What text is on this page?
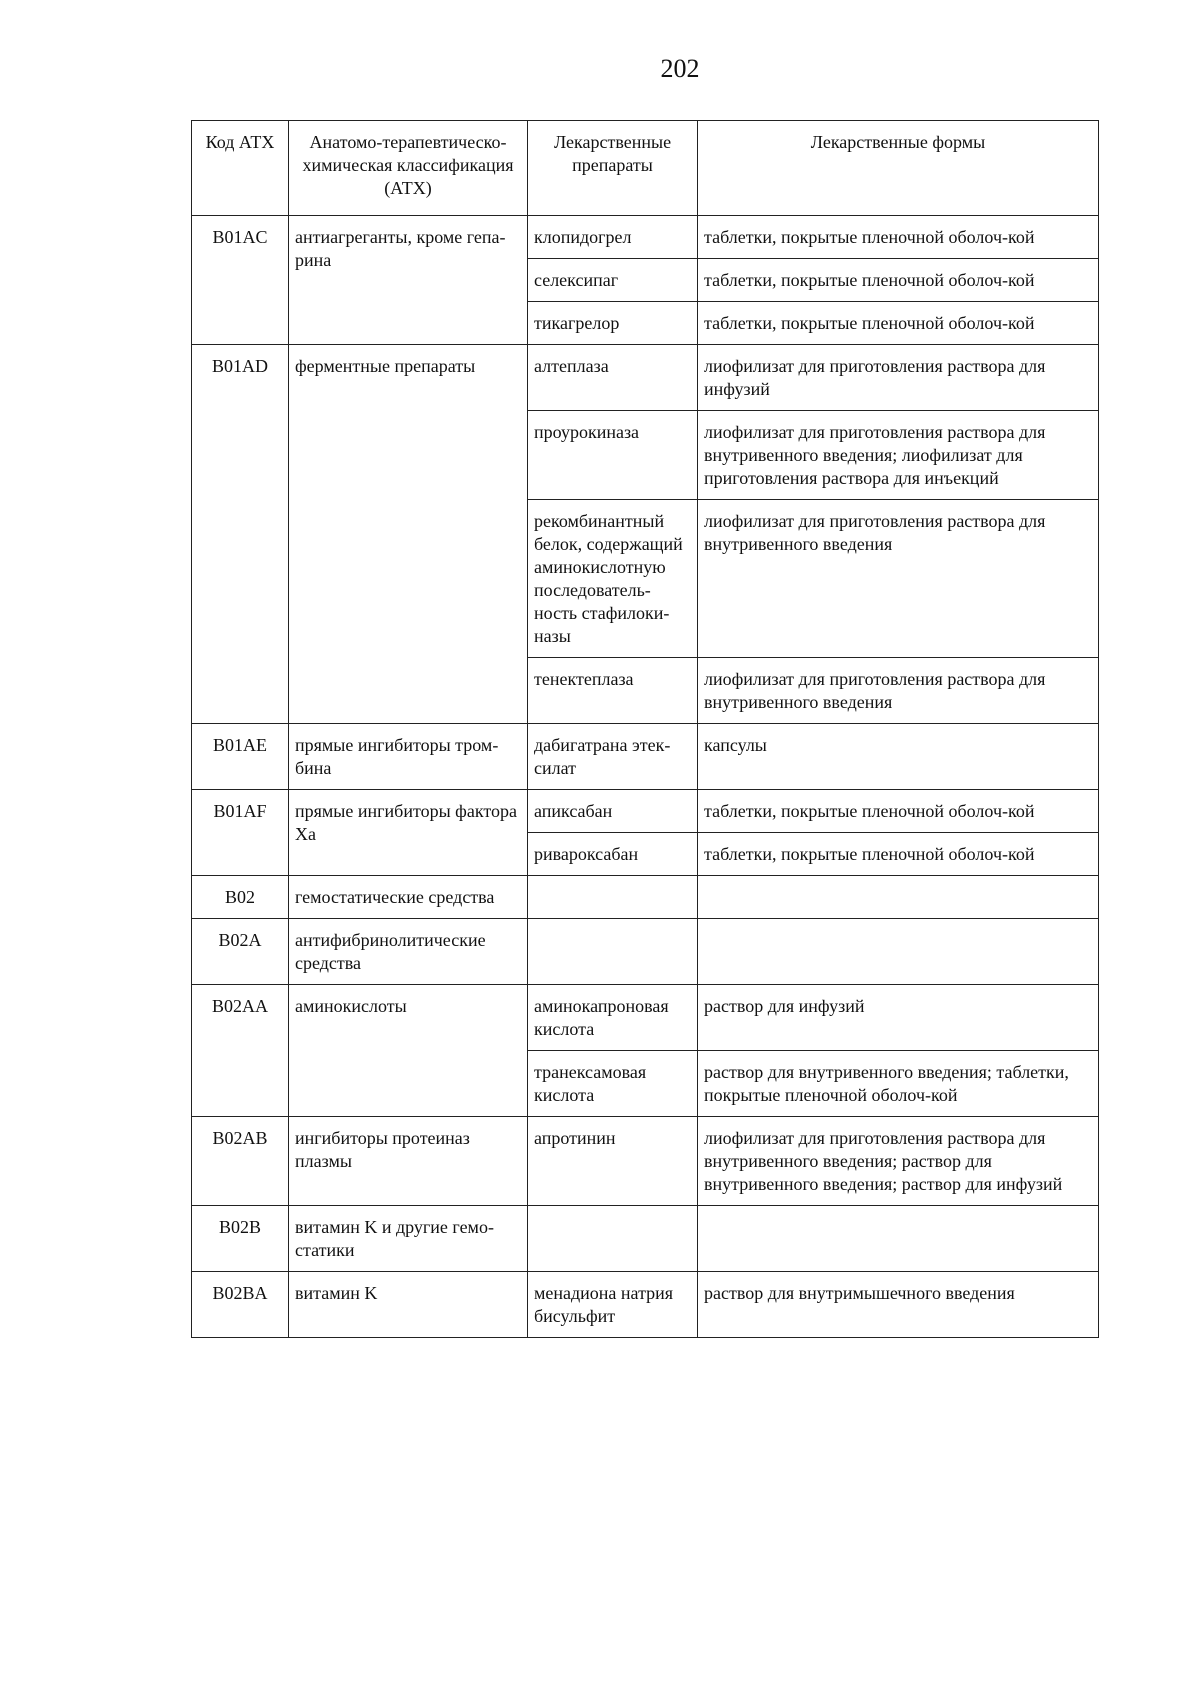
202
Код АТХ	Анатомо-терапевтическо-химическая классификация (АТХ)	Лекарственные препараты	Лекарственные формы
B01AC	антиагреганты, кроме гепа-рина	клопидогрел	таблетки, покрытые пленочной оболоч-кой
		селексипаг	таблетки, покрытые пленочной оболоч-кой
		тикагрелор	таблетки, покрытые пленочной оболоч-кой
B01AD	ферментные препараты	алтеплаза	лиофилизат для приготовления раствора для инфузий
		проурокиназа	лиофилизат для приготовления раствора для внутривенного введения; лиофилизат для приготовления раствора для инъекций
		рекомбинантный белок, содержащий аминокислотную последователь-ность стафилоки-назы	лиофилизат для приготовления раствора для внутривенного введения
		тенектеплаза	лиофилизат для приготовления раствора для внутривенного введения
B01AE	прямые ингибиторы тром-бина	дабигатрана этек-силат	капсулы
B01AF	прямые ингибиторы фактора Xa	апиксабан	таблетки, покрытые пленочной оболоч-кой
		ривароксабан	таблетки, покрытые пленочной оболоч-кой
B02	гемостатические средства		
B02A	антифибринолитические средства		
B02AA	аминокислоты	аминокапроновая кислота	раствор для инфузий
		транексамовая кислота	раствор для внутривенного введения; таблетки, покрытые пленочной оболоч-кой
B02AB	ингибиторы протеиназ плазмы	апротинин	лиофилизат для приготовления раствора для внутривенного введения; раствор для внутривенного введения; раствор для инфузий
B02B	витамин K и другие гемо-статики		
B02BA	витамин K	менадиона натрия бисульфит	раствор для внутримышечного введения
